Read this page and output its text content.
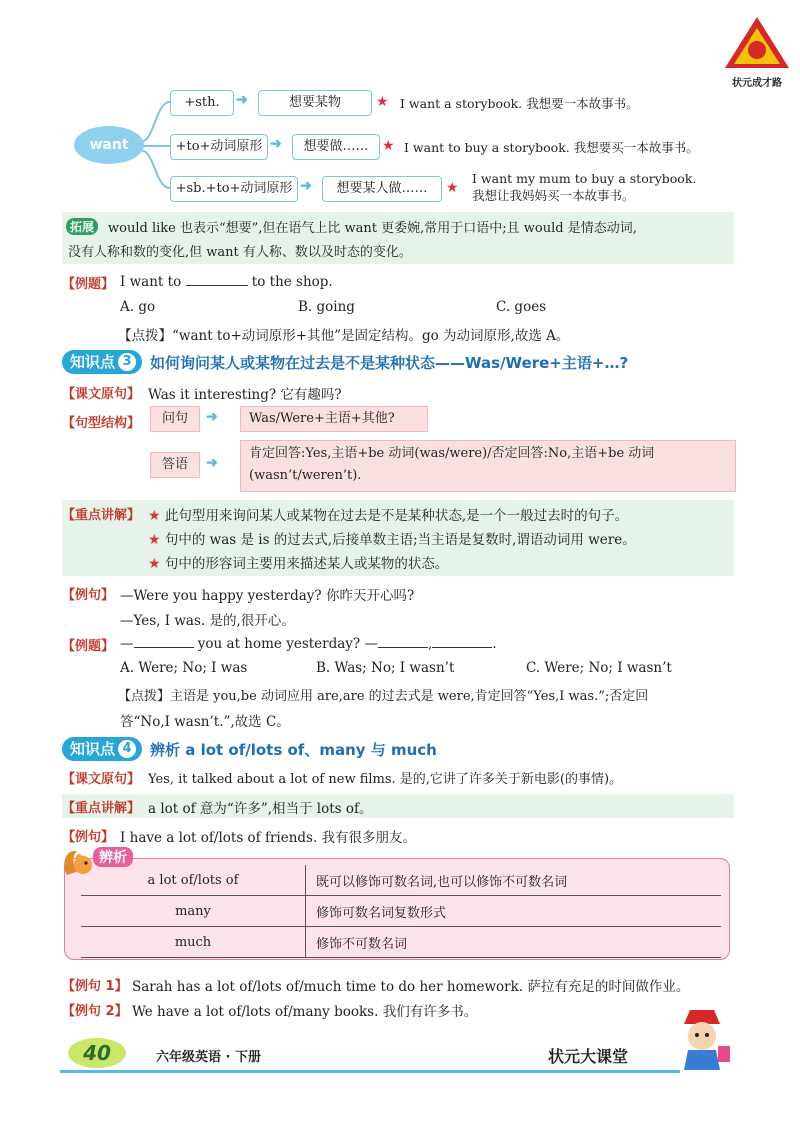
状元成才路
want
+sth.	➜	想要某物	★ I want a storybook. 我想要一本故事书。
+to+动词原形 ➜	想要做…… ★ I want to buy a storybook. 我想要买一本故事书。
+sb.+to+动词原形 ➜	想要某人做……	★
I want my mum to buy a storybook.
我想让我妈妈买一本故事书。
拓展	would like 也表示“想要”,但在语气上比 want 更委婉,常用于口语中;且 would 是情态动词,
没有人称和数的变化,但 want 有人称、数以及时态的变化。
【例题】 I want to	to the shop.
A. go	B. going	C. goes
【点拨】“want to+动词原形+其他”是固定结构。go 为动词原形,故选 A。
知识点 3 如何询问某人或某物在过去是不是某种状态——Was/Were+主语+…?
【课文原句】 Was it interesting? 它有趣吗?
【句型结构】	问句	➜	Was/Were+主语+其他?
答语	➜
肯定回答:Yes,主语+be 动词(was/were)/否定回答:No,主语+be 动词
(wasn’t/weren’t).
【重点讲解】 ★ 此句型用来询问某人或某物在过去是不是某种状态,是一个一般过去时的句子。
★ 句中的 was 是 is 的过去式,后接单数主语;当主语是复数时,谓语动词用 were。
★ 句中的形容词主要用来描述某人或某物的状态。
【例句】 —Were you happy yesterday? 你昨天开心吗?
—Yes, I was. 是的,很开心。
【例题】 —	you at home yesterday? —	,	.
A. Were; No; I was	B. Was; No; I wasn’t	C. Were; No; I wasn’t
【点拨】主语是 you,be 动词应用 are,are 的过去式是 were,肯定回答“Yes,I was.”;否定回
答“No,I wasn’t.”,故选 C。
知识点 4 辨析 a lot of/lots of、many 与 much
【课文原句】 Yes, it talked about a lot of new films. 是的,它讲了许多关于新电影(的事情)。
【重点讲解】 a lot of 意为“许多”,相当于 lots of。
【例句】 I have a lot of/lots of friends. 我有很多朋友。
辨析
a lot of/lots of	既可以修饰可数名词,也可以修饰不可数名词
many	修饰可数名词复数形式
much	修饰不可数名词
【例句 1】 Sarah has a lot of/lots of/much time to do her homework. 萨拉有充足的时间做作业。
【例句 2】 We have a lot of/lots of/many books. 我们有许多书。
40	六年级英语 · 下册	状元大课堂
